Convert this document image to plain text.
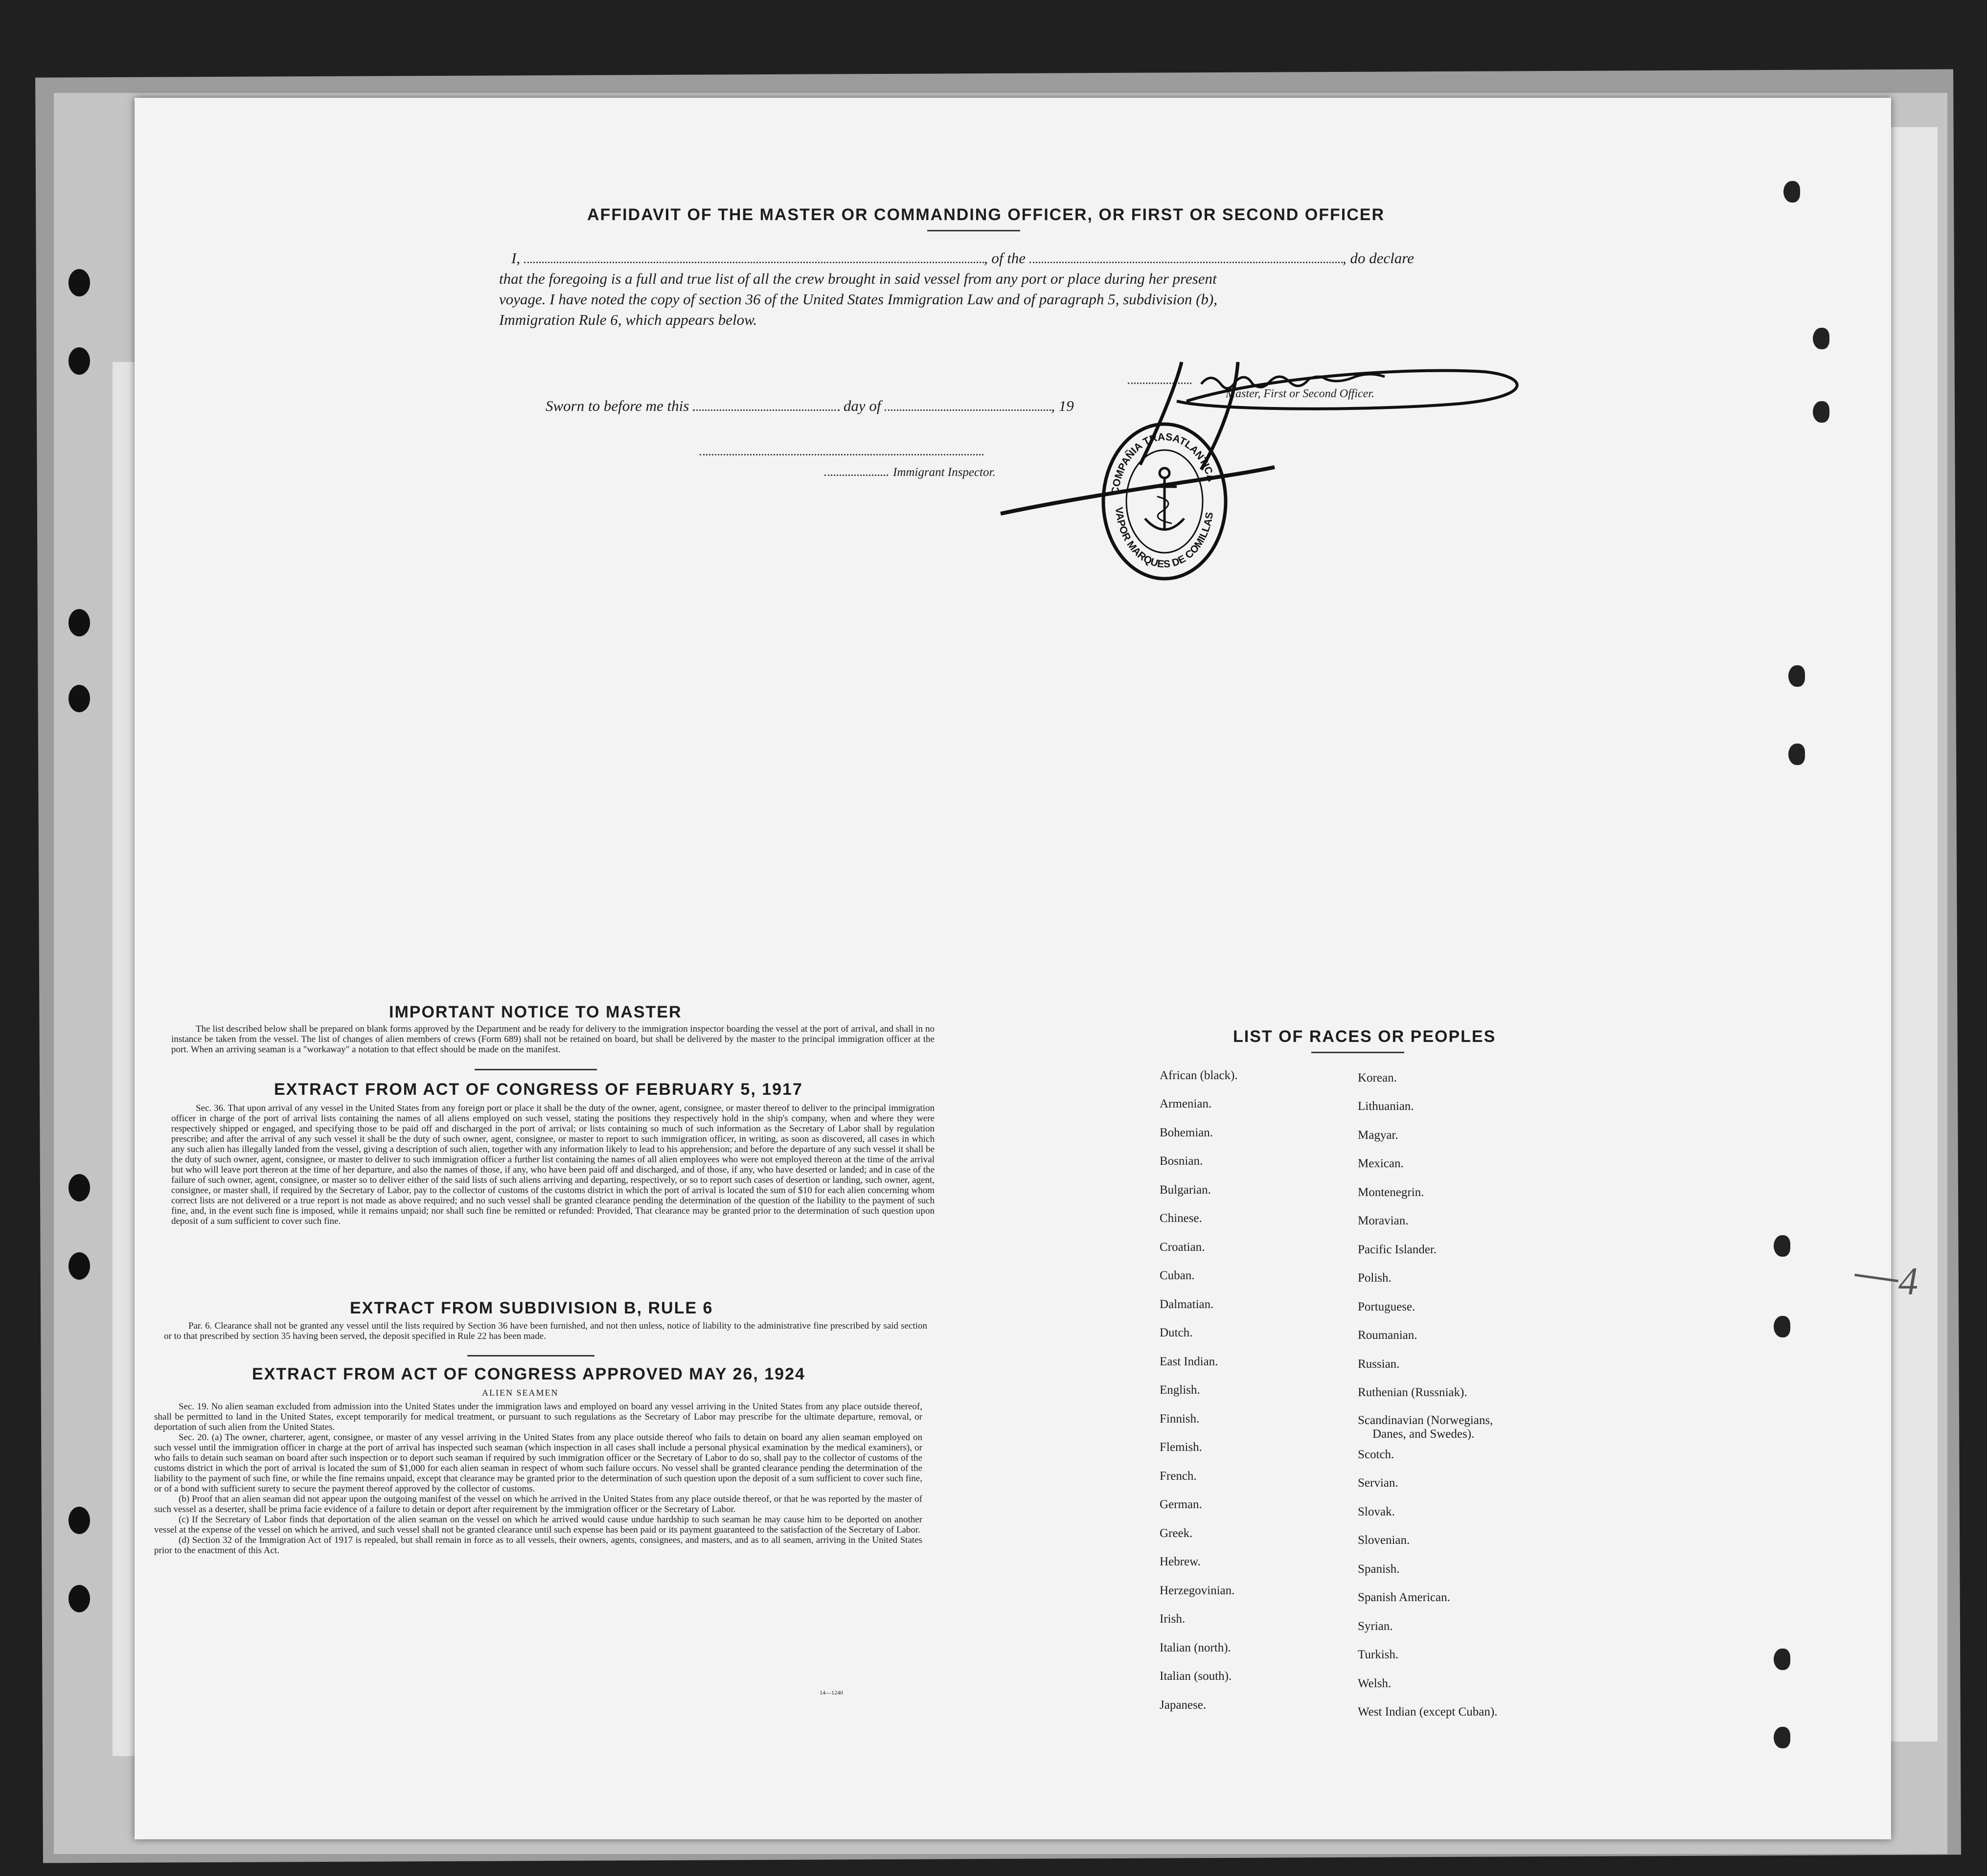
AFFIDAVIT OF THE MASTER OR COMMANDING OFFICER, OR FIRST OR SECOND OFFICER
I,	, of the	, do declare
that the foregoing is a full and true list of all the crew brought in said vessel from any port or place during her present
voyage. I have noted the copy of section 36 of the United States Immigration Law and of paragraph 5, subdivision (b),
Immigration Rule 6, which appears below.
Master, First or Second Officer.
Sworn to before me this	day of	, 19
Immigrant Inspector.
COMPAÑIA TRASATLANTICA
VAPOR MARQUES DE COMILLAS
IMPORTANT NOTICE TO MASTER

The list described below shall be prepared on blank forms approved by the Department and be ready for delivery to the immigration inspector boarding the vessel at the port of arrival, and shall in no instance be taken from the vessel. The list of changes of alien members of crews (Form 689) shall not be retained on board, but shall be delivered by the master to the principal immigration officer at the port. When an arriving seaman is a "workaway" a notation to that effect should be made on the manifest.

EXTRACT FROM ACT OF CONGRESS OF FEBRUARY 5, 1917

Sec. 36. That upon arrival of any vessel in the United States from any foreign port or place it shall be the duty of the owner, agent, consignee, or master thereof to deliver to the principal immigration officer in charge of the port of arrival lists containing the names of all aliens employed on such vessel, stating the positions they respectively hold in the ship's company, when and where they were respectively shipped or engaged, and specifying those to be paid off and discharged in the port of arrival; or lists containing so much of such information as the Secretary of Labor shall by regulation prescribe; and after the arrival of any such vessel it shall be the duty of such owner, agent, consignee, or master to report to such immigration officer, in writing, as soon as discovered, all cases in which any such alien has illegally landed from the vessel, giving a description of such alien, together with any information likely to lead to his apprehension; and before the departure of any such vessel it shall be the duty of such owner, agent, consignee, or master to deliver to such immigration officer a further list containing the names of all alien employees who were not employed thereon at the time of the arrival but who will leave port thereon at the time of her departure, and also the names of those, if any, who have been paid off and discharged, and of those, if any, who have deserted or landed; and in case of the failure of such owner, agent, consignee, or master so to deliver either of the said lists of such aliens arriving and departing, respectively, or so to report such cases of desertion or landing, such owner, agent, consignee, or master shall, if required by the Secretary of Labor, pay to the collector of customs of the customs district in which the port of arrival is located the sum of $10 for each alien concerning whom correct lists are not delivered or a true report is not made as above required; and no such vessel shall be granted clearance pending the determination of the question of the liability to the payment of such fine, and, in the event such fine is imposed, while it remains unpaid; nor shall such fine be remitted or refunded: Provided, That clearance may be granted prior to the determination of such question upon deposit of a sum sufficient to cover such fine.

EXTRACT FROM SUBDIVISION B, RULE 6

Par. 6. Clearance shall not be granted any vessel until the lists required by Section 36 have been furnished, and not then unless, notice of liability to the administrative fine prescribed by said section or to that prescribed by section 35 having been served, the deposit specified in Rule 22 has been made.

EXTRACT FROM ACT OF CONGRESS APPROVED MAY 26, 1924
ALIEN SEAMEN

Sec. 19. No alien seaman excluded from admission into the United States under the immigration laws and employed on board any vessel arriving in the United States from any place outside thereof, shall be permitted to land in the United States, except temporarily for medical treatment, or pursuant to such regulations as the Secretary of Labor may prescribe for the ultimate departure, removal, or deportation of such alien from the United States.

Sec. 20. (a) The owner, charterer, agent, consignee, or master of any vessel arriving in the United States from any place outside thereof who fails to detain on board any alien seaman employed on such vessel until the immigration officer in charge at the port of arrival has inspected such seaman (which inspection in all cases shall include a personal physical examination by the medical examiners), or who fails to detain such seaman on board after such inspection or to deport such seaman if required by such immigration officer or the Secretary of Labor to do so, shall pay to the collector of customs of the customs district in which the port of arrival is located the sum of $1,000 for each alien seaman in respect of whom such failure occurs. No vessel shall be granted clearance pending the determination of the liability to the payment of such fine, or while the fine remains unpaid, except that clearance may be granted prior to the determination of such question upon the deposit of a sum sufficient to cover such fine, or of a bond with sufficient surety to secure the payment thereof approved by the collector of customs.

(b) Proof that an alien seaman did not appear upon the outgoing manifest of the vessel on which he arrived in the United States from any place outside thereof, or that he was reported by the master of such vessel as a deserter, shall be prima facie evidence of a failure to detain or deport after requirement by the immigration officer or the Secretary of Labor.

(c) If the Secretary of Labor finds that deportation of the alien seaman on the vessel on which he arrived would cause undue hardship to such seaman he may cause him to be deported on another vessel at the expense of the vessel on which he arrived, and such vessel shall not be granted clearance until such expense has been paid or its payment guaranteed to the satisfaction of the Secretary of Labor.

(d) Section 32 of the Immigration Act of 1917 is repealed, but shall remain in force as to all vessels, their owners, agents, consignees, and masters, and as to all seamen, arriving in the United States prior to the enactment of this Act.

14—1240
LIST OF RACES OR PEOPLES
African (black).
Armenian.
Bohemian.
Bosnian.
Bulgarian.
Chinese.
Croatian.
Cuban.
Dalmatian.
Dutch.
East Indian.
English.
Finnish.
Flemish.
French.
German.
Greek.
Hebrew.
Herzegovinian.
Irish.
Italian (north).
Italian (south).
Japanese.
Korean.
Lithuanian.
Magyar.
Mexican.
Montenegrin.
Moravian.
Pacific Islander.
Polish.
Portuguese.
Roumanian.
Russian.
Ruthenian (Russniak).
Scandinavian (Norwegians,
Danes, and Swedes).
Scotch.
Servian.
Slovak.
Slovenian.
Spanish.
Spanish American.
Syrian.
Turkish.
Welsh.
West Indian (except Cuban).
4
